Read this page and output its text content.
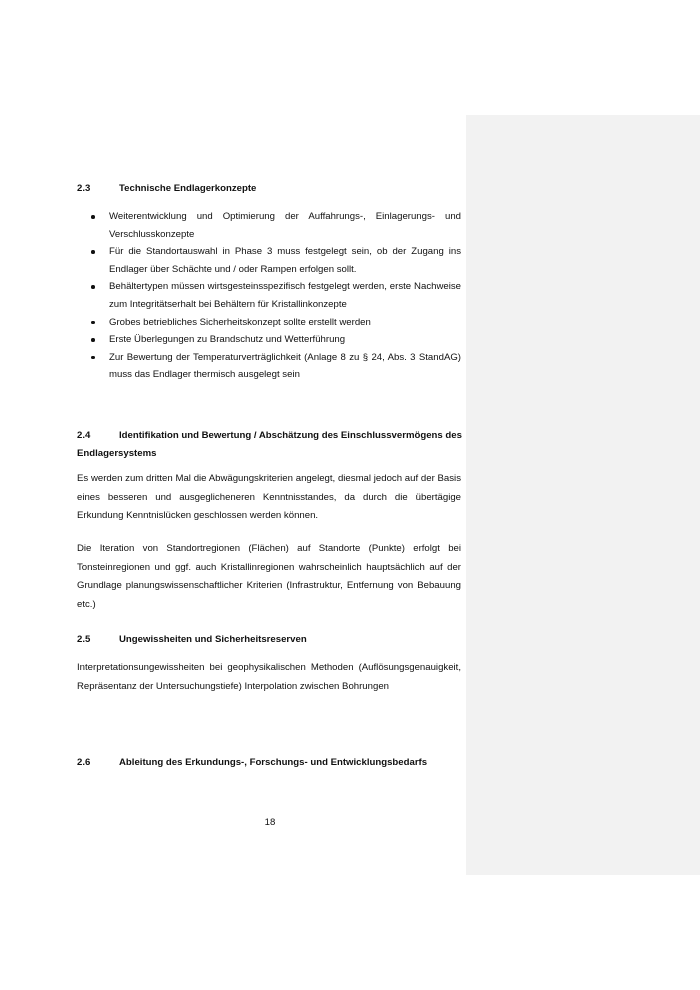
2.3	Technische Endlagerkonzepte
Weiterentwicklung und Optimierung der Auffahrungs-, Einlagerungs- und Verschlusskonzepte
Für die Standortauswahl in Phase 3 muss festgelegt sein, ob der Zugang ins Endlager über Schächte und / oder Rampen erfolgen sollt.
Behältertypen müssen wirtsgesteinsspezifisch festgelegt werden, erste Nachweise zum Integritätserhalt bei Behältern für Kristallinkonzepte
Grobes betriebliches Sicherheitskonzept sollte erstellt werden
Erste Überlegungen zu Brandschutz und Wetterführung
Zur Bewertung der Temperaturverträglichkeit (Anlage 8 zu § 24, Abs. 3 StandAG) muss das Endlager thermisch ausgelegt sein
2.4	Identifikation und Bewertung / Abschätzung des Einschlussvermögens des Endlagersystems

Es werden zum dritten Mal die Abwägungskriterien angelegt, diesmal jedoch auf der Basis eines besseren und ausgeglicheneren Kenntnisstandes, da durch die übertägige Erkundung Kenntnislücken geschlossen werden können.

Die Iteration von Standortregionen (Flächen) auf Standorte (Punkte) erfolgt bei Tonsteinregionen und ggf. auch Kristallinregionen wahrscheinlich hauptsächlich auf der Grundlage planungswissenschaftlicher Kriterien (Infrastruktur, Entfernung von Bebauung etc.)

2.5	Ungewissheiten und Sicherheitsreserven

Interpretationsungewissheiten bei geophysikalischen Methoden (Auflösungsgenauigkeit, Repräsentanz der Untersuchungstiefe) Interpolation zwischen Bohrungen

2.6	Ableitung des Erkundungs-, Forschungs- und Entwicklungsbedarfs
18
